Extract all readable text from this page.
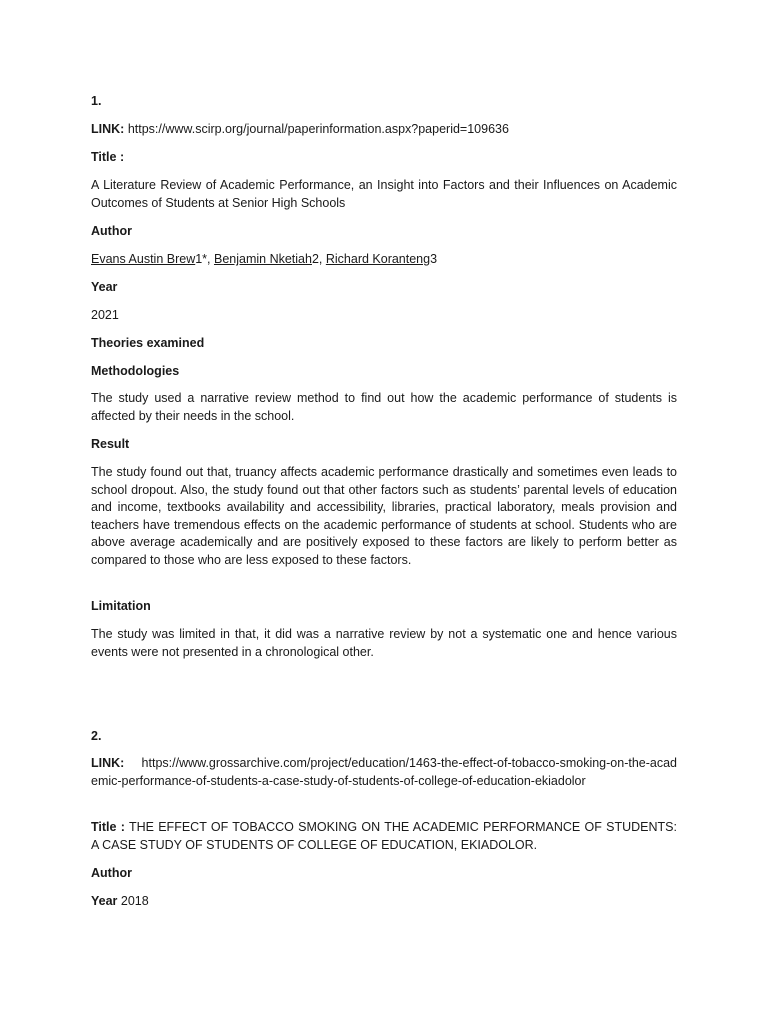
1.
LINK: https://www.scirp.org/journal/paperinformation.aspx?paperid=109636
Title :
A Literature Review of Academic Performance, an Insight into Factors and their Influences on Academic Outcomes of Students at Senior High Schools
Author
Evans Austin Brew1*, Benjamin Nketiah2, Richard Koranteng3
Year
2021
Theories examined
Methodologies
The study used a narrative review method to find out how the academic performance of students is affected by their needs in the school.
Result
The study found out that, truancy affects academic performance drastically and sometimes even leads to school dropout. Also, the study found out that other factors such as students’ parental levels of education and income, textbooks availability and accessibility, libraries, practical laboratory, meals provision and teachers have tremendous effects on the academic performance of students at school. Students who are above average academically and are positively exposed to these factors are likely to perform better as compared to those who are less exposed to these factors.
Limitation
The study was limited in that, it did was a narrative review by not a systematic one and hence various events were not presented in a chronological other.
2.
LINK: https://www.grossarchive.com/project/education/1463-the-effect-of-tobacco-smoking-on-the-academic-performance-of-students-a-case-study-of-students-of-college-of-education-ekiadolor
Title : THE EFFECT OF TOBACCO SMOKING ON THE ACADEMIC PERFORMANCE OF STUDENTS: A CASE STUDY OF STUDENTS OF COLLEGE OF EDUCATION, EKIADOLOR.
Author
Year 2018
